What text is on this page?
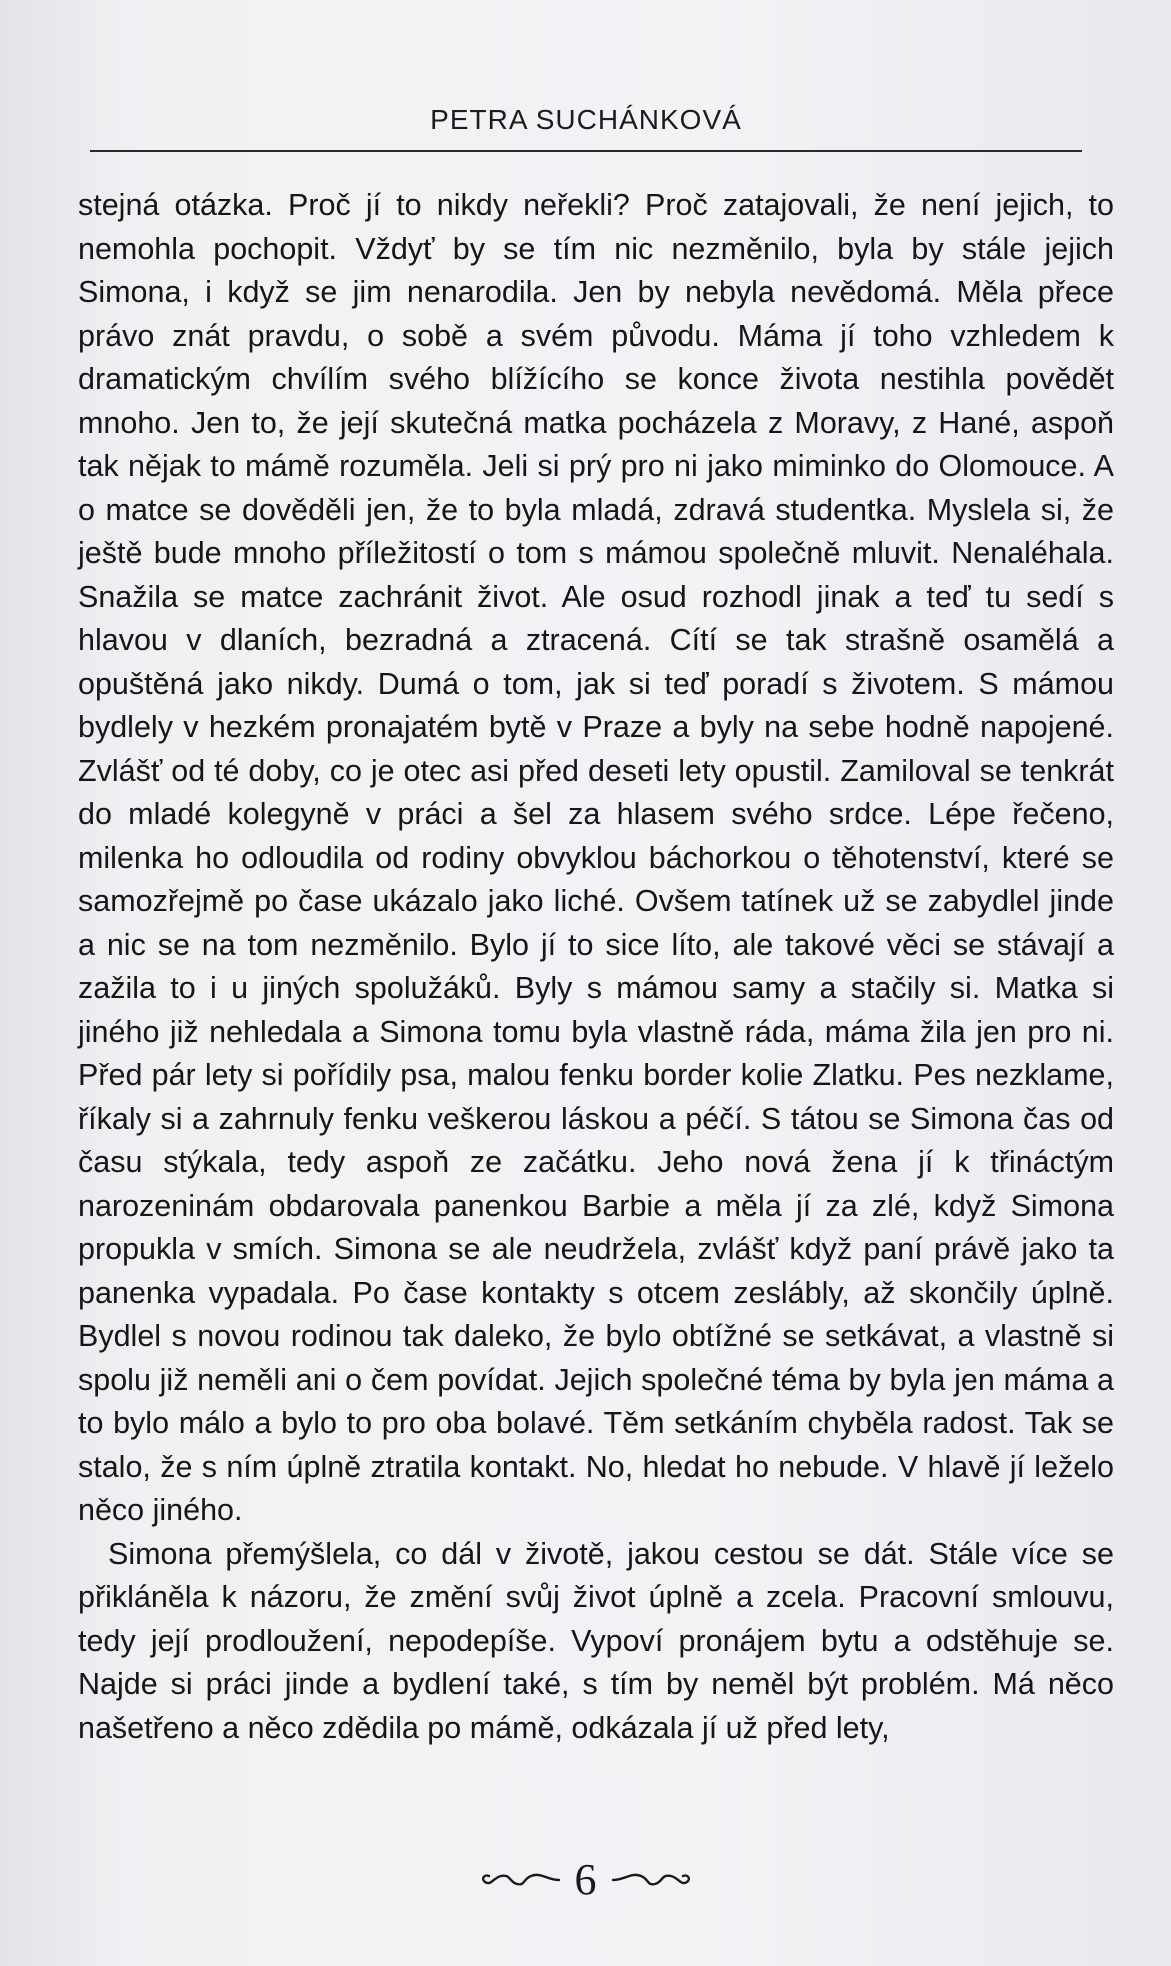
PETRA SUCHÁNKOVÁ

stejná otázka. Proč jí to nikdy neřekli? Proč zatajovali, že není jejich, to nemohla pochopit. Vždyť by se tím nic nezměnilo, byla by stále jejich Simona, i když se jim nenarodila. Jen by nebyla nevědomá. Měla přece právo znát pravdu, o sobě a svém původu. Máma jí toho vzhledem k dramatickým chvílím svého blížícího se konce života nestihla povědět mnoho. Jen to, že její skutečná matka pocházela z Moravy, z Hané, aspoň tak nějak to mámě rozuměla. Jeli si prý pro ni jako miminko do Olomouce. A o matce se dověděli jen, že to byla mladá, zdravá studentka. Myslela si, že ještě bude mnoho příležitostí o tom s mámou společně mluvit. Nenaléhala. Snažila se matce zachránit život. Ale osud rozhodl jinak a teď tu sedí s hlavou v dlaních, bezradná a ztracená. Cítí se tak strašně osamělá a opuštěná jako nikdy. Dumá o tom, jak si teď poradí s životem. S mámou bydlely v hezkém pronajatém bytě v Praze a byly na sebe hodně napojené. Zvlášť od té doby, co je otec asi před deseti lety opustil. Zamiloval se tenkrát do mladé kolegyně v práci a šel za hlasem svého srdce. Lépe řečeno, milenka ho odloudila od rodiny obvyklou báchorkou o těhotenství, které se samozřejmě po čase ukázalo jako liché. Ovšem tatínek už se zabydlel jinde a nic se na tom nezměnilo. Bylo jí to sice líto, ale takové věci se stávají a zažila to i u jiných spolužáků. Byly s mámou samy a stačily si. Matka si jiného již nehledala a Simona tomu byla vlastně ráda, máma žila jen pro ni. Před pár lety si pořídily psa, malou fenku border kolie Zlatku. Pes nezklame, říkaly si a zahrnuly fenku veškerou láskou a péčí. S tátou se Simona čas od času stýkala, tedy aspoň ze začátku. Jeho nová žena jí k třináctým narozeninám obdarovala panenkou Barbie a měla jí za zlé, když Simona propukla v smích. Simona se ale neudržela, zvlášť když paní právě jako ta panenka vypadala. Po čase kontakty s otcem zeslábly, až skončily úplně. Bydlel s novou rodinou tak daleko, že bylo obtížné se setkávat, a vlastně si spolu již neměli ani o čem povídat. Jejich společné téma by byla jen máma a to bylo málo a bylo to pro oba bolavé. Těm setkáním chyběla radost. Tak se stalo, že s ním úplně ztratila kontakt. No, hledat ho nebude. V hlavě jí leželo něco jiného.

Simona přemýšlela, co dál v životě, jakou cestou se dát. Stále více se přikláněla k názoru, že změní svůj život úplně a zcela. Pracovní smlouvu, tedy její prodloužení, nepodepíše. Vypoví pronájem bytu a odstěhuje se. Najde si práci jinde a bydlení také, s tím by neměl být problém. Má něco našetřeno a něco zdědila po mámě, odkázala jí už před lety,

6
